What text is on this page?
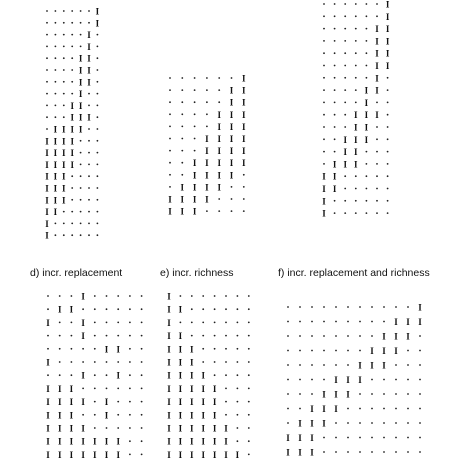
I
I
I
I
I I
I I
I I
I
I I
I I I
I I I I
I I I I
I I I I
I I I I
I I I
I I I
I I I
I I
I
I
I
I I
I I
I I I
I I I
I I I I
I I I I
I I I I I
I I I I
I I I I
I I I I
I I I
I
I
I I
I I
I I
I I
I
I I
I
I I I
I I
I I I
I I
I I I
I I
I I
I
I
I
I I
I	I
I
I I
I
I	I
I I I
I I I I I
I I I	I
I I I I
I I I I I I I
I I I I I I I
I
I I
I
I I
I I I
I I I
I I I I
I I I I I
I I I I I
I I I I I
I I I I I I
I I I I I I
I I I I I I I
I
I I I
I I I
I I I
I I I
I I I
I I I
I I I
I I I
I I I
I I I
d) incr. replacement	e) incr. richness	f) incr. replacement and richness
